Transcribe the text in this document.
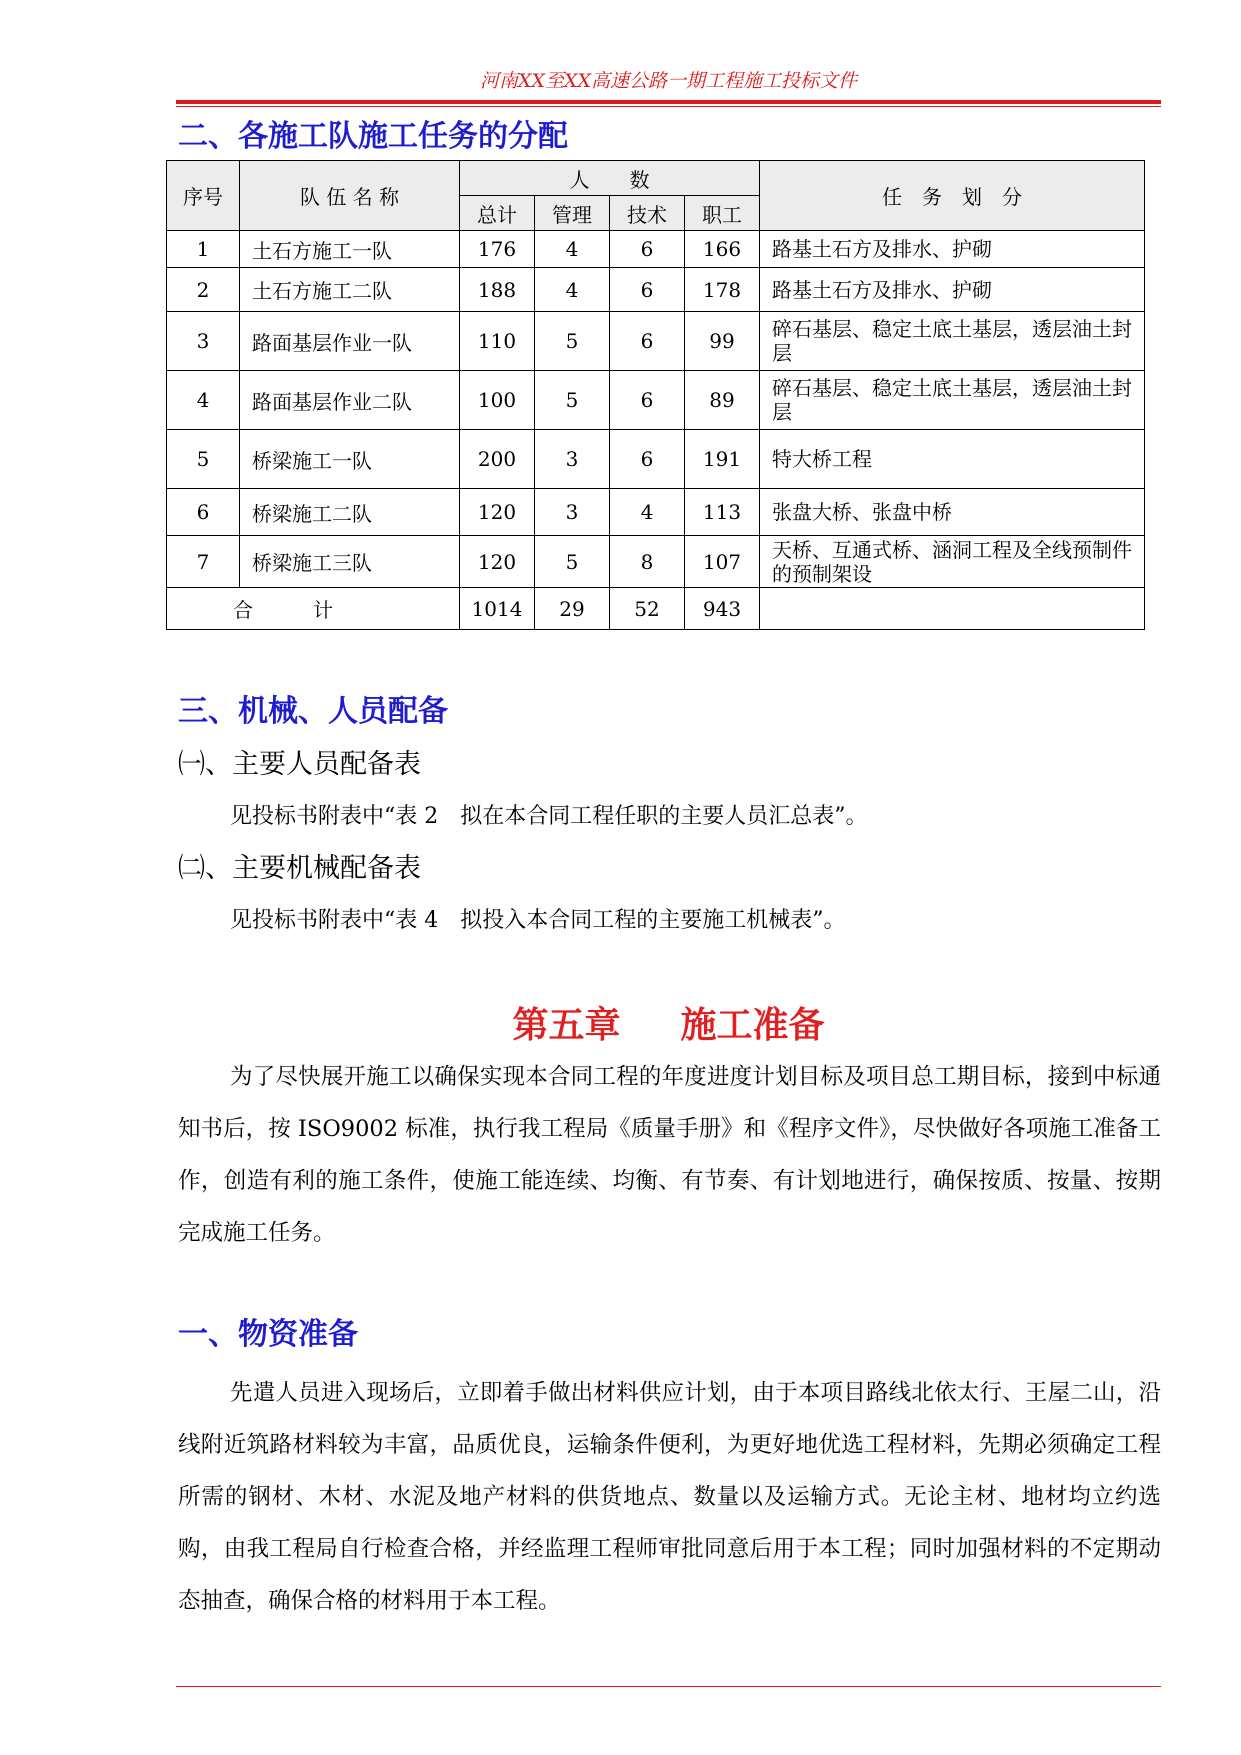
河南XX至XX高速公路一期工程施工投标文件
二、各施工队施工任务的分配
序号	队 伍 名 称	人　　数				任　务　划　分
		总计	管理	技术	职工	
1	土石方施工一队	176	4	6	166	路基土石方及排水、护砌
2	土石方施工二队	188	4	6	178	路基土石方及排水、护砌
3	路面基层作业一队	110	5	6	99	碎石基层、稳定土底土基层，透层油土封层
4	路面基层作业二队	100	5	6	89	碎石基层、稳定土底土基层，透层油土封层
5	桥梁施工一队	200	3	6	191	特大桥工程
6	桥梁施工二队	120	3	4	113	张盘大桥、张盘中桥
7	桥梁施工三队	120	5	8	107	天桥、互通式桥、涵洞工程及全线预制件的预制架设
合计		1014	29	52	943	
三、机械、人员配备
㈠、主要人员配备表
见投标书附表中“表 2　拟在本合同工程任职的主要人员汇总表”。
㈡、主要机械配备表
见投标书附表中“表 4　拟投入本合同工程的主要施工机械表”。
第五章 施工准备

为了尽快展开施工以确保实现本合同工程的年度进度计划目标及项目总工期目标，接到中标通知书后，按 ISO9002 标准，执行我工程局《质量手册》和《程序文件》，尽快做好各项施工准备工作，创造有利的施工条件，使施工能连续、均衡、有节奏、有计划地进行，确保按质、按量、按期完成施工任务。

一、物资准备

先遣人员进入现场后，立即着手做出材料供应计划，由于本项目路线北依太行、王屋二山，沿线附近筑路材料较为丰富，品质优良，运输条件便利，为更好地优选工程材料，先期必须确定工程所需的钢材、木材、水泥及地产材料的供货地点、数量以及运输方式。无论主材、地材均立约选购，由我工程局自行检查合格，并经监理工程师审批同意后用于本工程；同时加强材料的不定期动态抽查，确保合格的材料用于本工程。
